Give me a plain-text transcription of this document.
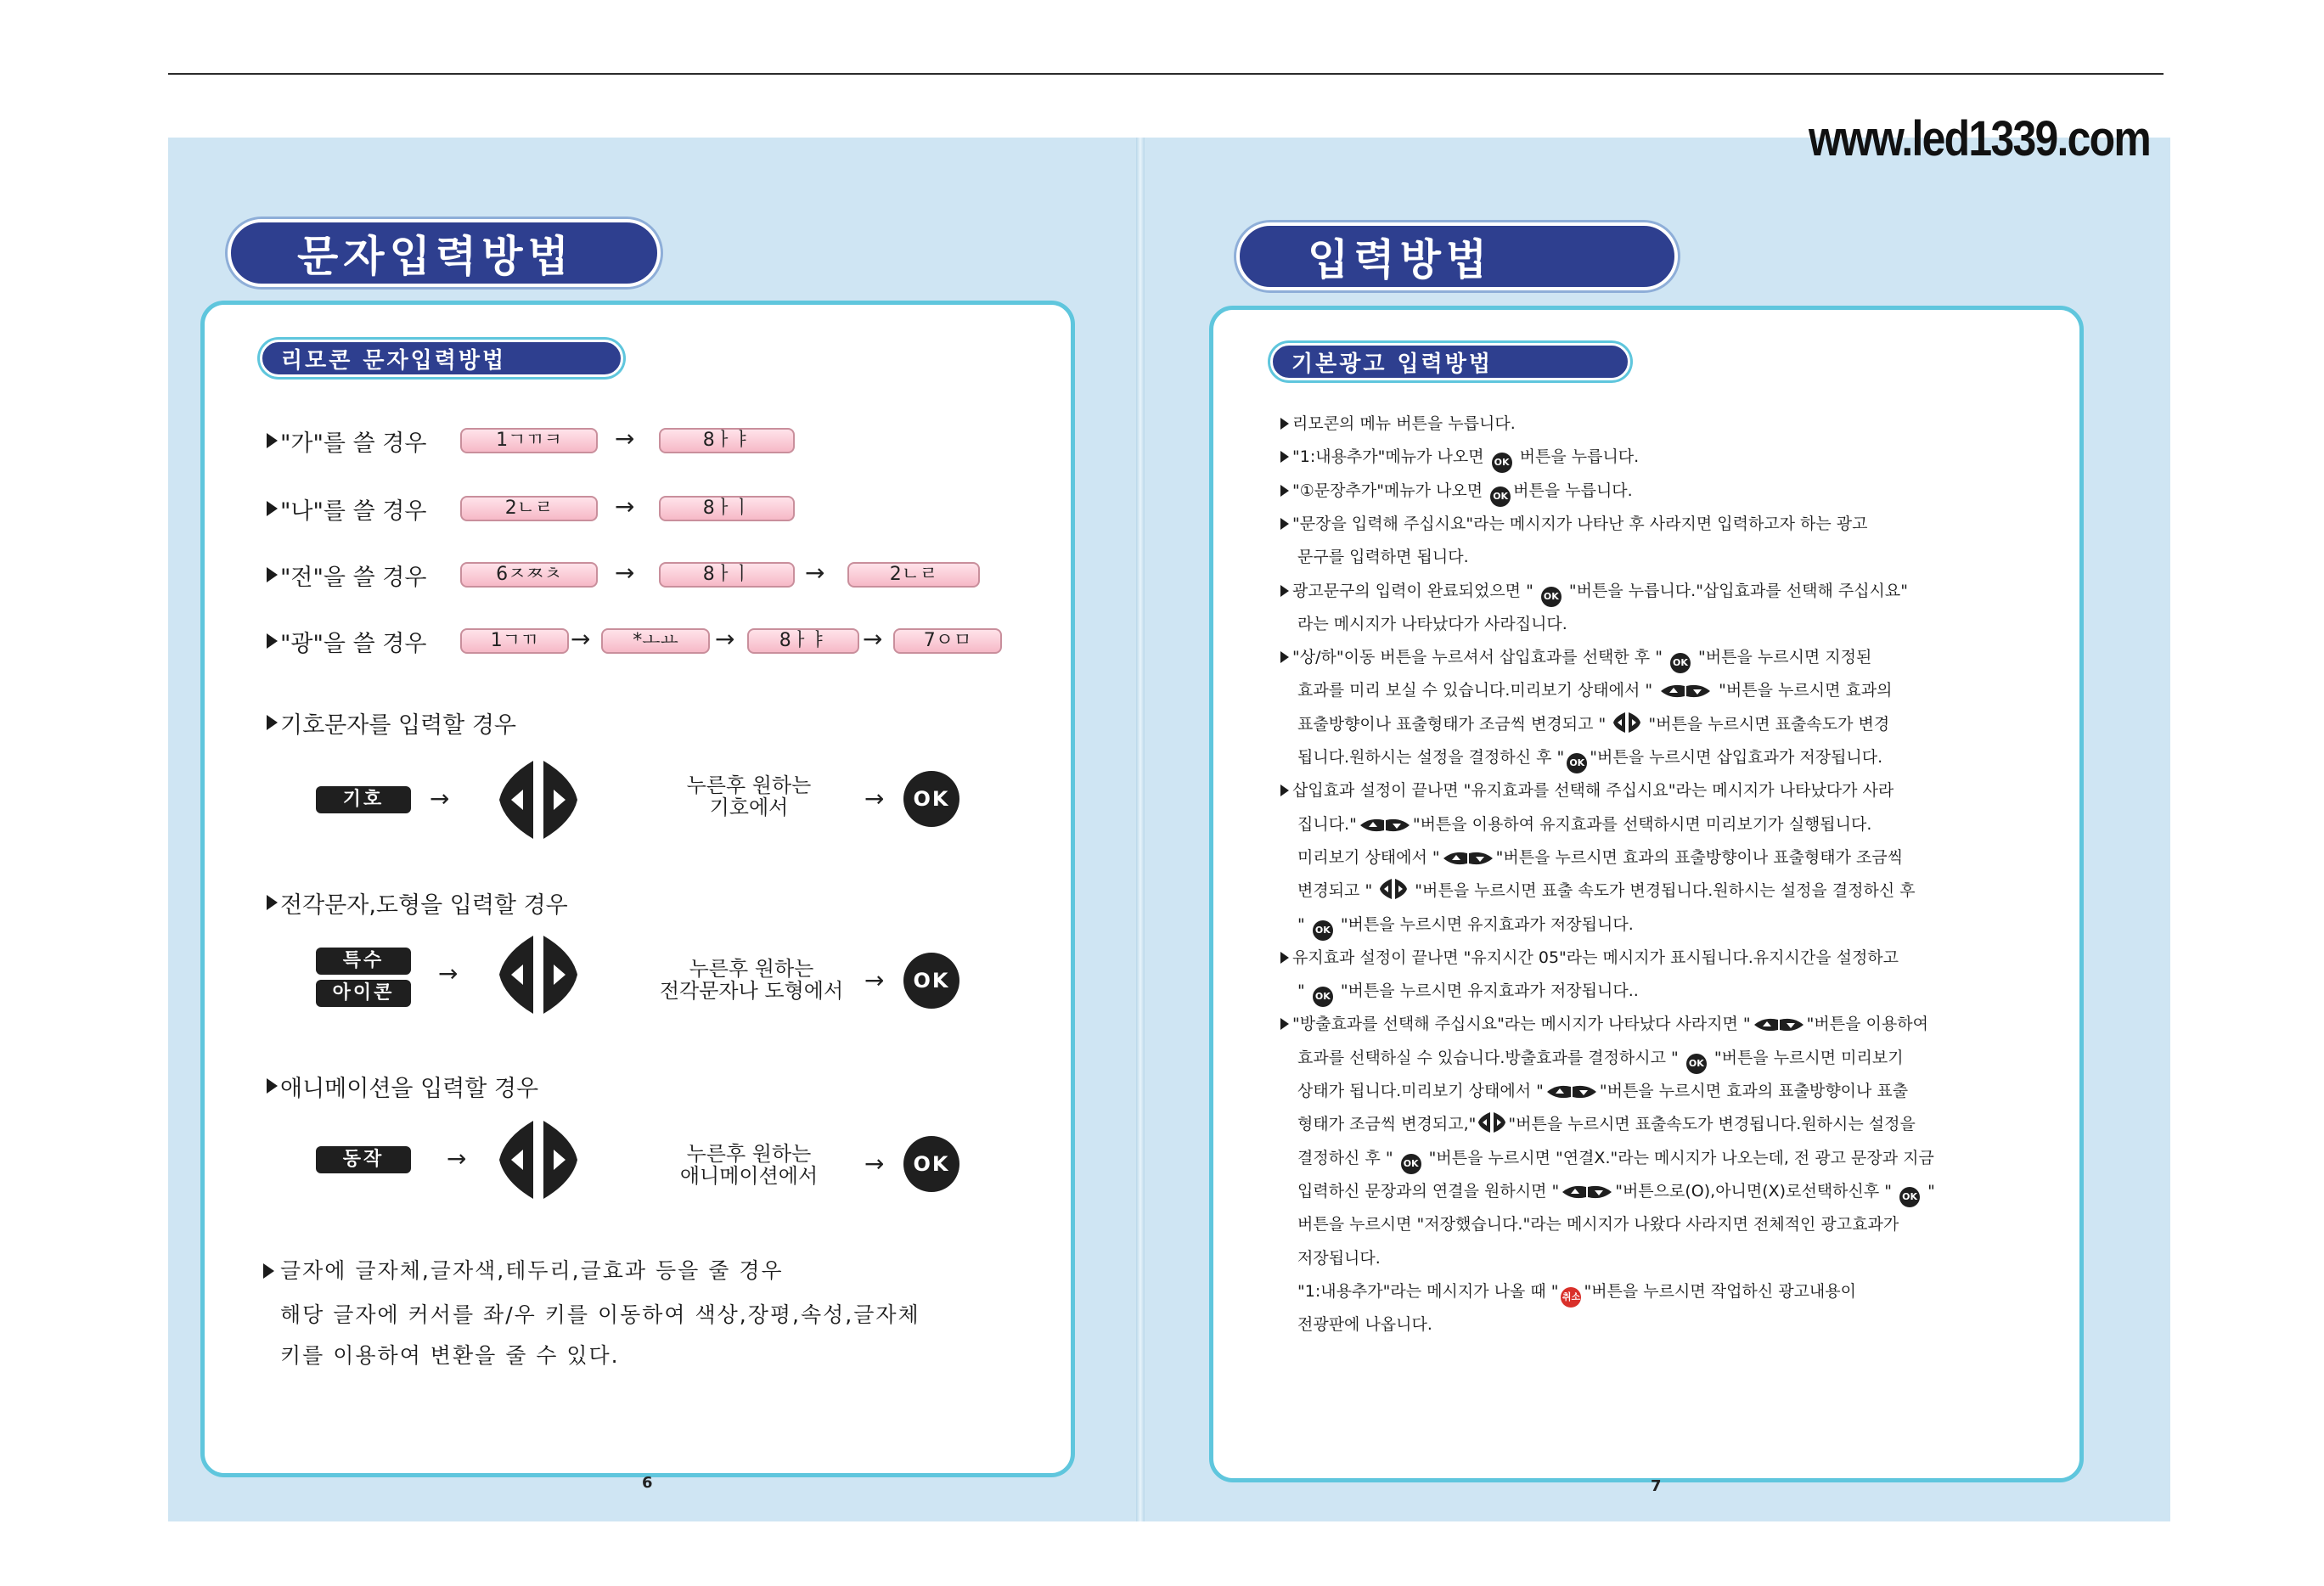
www.led1339.com
문자입력방법
리모콘 문자입력방법
"가"를 쓸 경우	1ㄱㄲㅋ	→	8ㅏㅑ
"나"를 쓸 경우	2ㄴㄹ	→	8ㅏㅣ
"전"을 쓸 경우	6ㅈㅉㅊ	→	8ㅏㅣ	→	2ㄴㄹ
"광"을 쓸 경우	1ㄱㄲ	→	*ㅗㅛ	→	8ㅏㅑ	→	7ㅇㅁ
기호문자를 입력할 경우
기호	→	누른후 원하는
기호에서	→	OK
전각문자,도형을 입력할 경우
특수
아이콘
→	누른후 원하는
전각문자나 도형에서 →	OK
애니메이션을 입력할 경우
동작	→	누른후 원하는
애니메이션에서	→	OK
글자에 글자체,글자색,테두리,글효과 등을 줄 경우
해당 글자에 커서를 좌/우 키를 이동하여 색상,장평,속성,글자체
키를 이용하여 변환을 줄 수 있다.
6
입력방법
기본광고 입력방법
리모콘의 메뉴 버튼을 누릅니다.
"1:내용추가"메뉴가 나오면 OK 버튼을 누릅니다.
"①문장추가"메뉴가 나오면 OK 버튼을 누릅니다.
"문장을 입력해 주십시요"라는 메시지가 나타난 후 사라지면 입력하고자 하는 광고
문구를 입력하면 됩니다.
광고문구의 입력이 완료되었으면 " OK "버튼을 누릅니다."삽입효과를 선택해 주십시요"
라는 메시지가 나타났다가 사라집니다.
"상/하"이동 버튼을 누르셔서 삽입효과를 선택한 후 " OK "버튼을 누르시면 지정된
효과를 미리 보실 수 있습니다.미리보기 상태에서 "	"버튼을 누르시면 효과의
표출방향이나 표출형태가 조금씩 변경되고 "  "버튼을 누르시면 표출속도가 변경
됩니다.원하시는 설정을 결정하신 후 " OK "버튼을 누르시면 삽입효과가 저장됩니다.
삽입효과 설정이 끝나면 "유지효과를 선택해 주십시요"라는 메시지가 나타났다가 사라
집니다."	"버튼을 이용하여 유지효과를 선택하시면 미리보기가 실행됩니다.
미리보기 상태에서 "	"버튼을 누르시면 효과의 표출방향이나 표출형태가 조금씩
변경되고 "  "버튼을 누르시면 표출 속도가 변경됩니다.원하시는 설정을 결정하신 후
" OK "버튼을 누르시면 유지효과가 저장됩니다.
유지효과 설정이 끝나면 "유지시간 05"라는 메시지가 표시됩니다.유지시간을 설정하고
" OK "버튼을 누르시면 유지효과가 저장됩니다..
"방출효과를 선택해 주십시요"라는 메시지가 나타났다 사라지면 "	"버튼을 이용하여
효과를 선택하실 수 있습니다.방출효과를 결정하시고 " OK "버튼을 누르시면 미리보기
상태가 됩니다.미리보기 상태에서 "	"버튼을 누르시면 효과의 표출방향이나 표출
형태가 조금씩 변경되고," "버튼을 누르시면 표출속도가 변경됩니다.원하시는 설정을
결정하신 후 " OK "버튼을 누르시면 "연결X."라는 메시지가 나오는데, 전 광고 문장과 지금
입력하신 문장과의 연결을 원하시면 "	"버튼으로(O),아니면(X)로선택하신후 " OK "
버튼을 누르시면 "저장했습니다."라는 메시지가 나왔다 사라지면 전체적인 광고효과가
저장됩니다.
"1:내용추가"라는 메시지가 나올 때 " 취소 "버튼을 누르시면 작업하신 광고내용이
전광판에 나옵니다.
7
